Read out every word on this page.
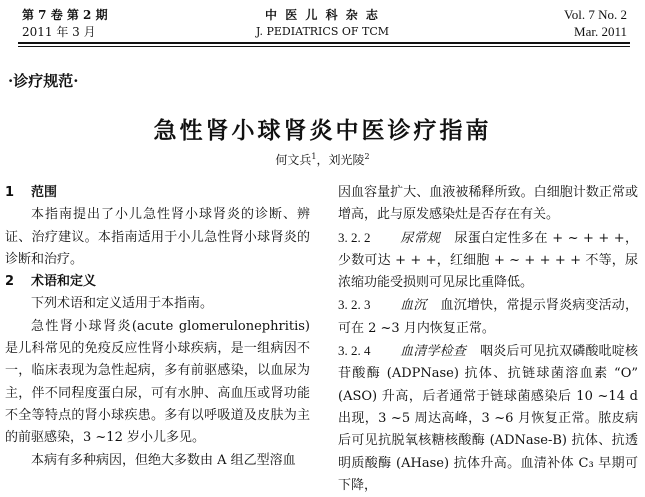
第 7 卷 第 2 期
2011 年 3 月
中 医 儿 科 杂 志
J. PEDIATRICS OF TCM
Vol. 7 No. 2
Mar. 2011
·诊疗规范·
急性肾小球肾炎中医诊疗指南
何文兵$^1$，刘光陵$^2$

1 范围

本指南提出了小儿急性肾小球肾炎的诊断、辨证、治疗建议。本指南适用于小儿急性肾小球肾炎的诊断和治疗。

2 术语和定义

下列术语和定义适用于本指南。

急性肾小球肾炎(acute glomerulonephritis)是儿科常见的免疫反应性肾小球疾病，是一组病因不一，临床表现为急性起病，多有前驱感染，以血尿为主，伴不同程度蛋白尿，可有水肿、高血压或肾功能不全等特点的肾小球疾患。多有以呼吸道及皮肤为主的前驱感染，3 ~12 岁小儿多见。

本病有多种病因，但绝大多数由 A 组乙型溶血

因血容量扩大、血液被稀释所致。白细胞计数正常或增高，此与原发感染灶是否存在有关。

3. 2. 2 尿常规 尿蛋白定性多在 + ~ + + +，少数可达 + + +，红细胞 + ~ + + + + 不等，尿浓缩功能受损则可见尿比重降低。

3. 2. 3 血沉 血沉增快，常提示肾炎病变活动，可在 2 ~3 月内恢复正常。

3. 2. 4 血清学检查 咽炎后可见抗双磷酸吡啶核苷酸酶 (ADPNase) 抗体、抗链球菌溶血素 “O” (ASO) 升高，后者通常于链球菌感染后 10 ~14 d 出现，3 ~5 周达高峰，3 ~6 月恢复正常。脓皮病后可见抗脱氧核糖核酸酶 (ADNase-B) 抗体、抗透明质酸酶 (AHase) 抗体升高。血清补体 C₃ 早期可下降，
